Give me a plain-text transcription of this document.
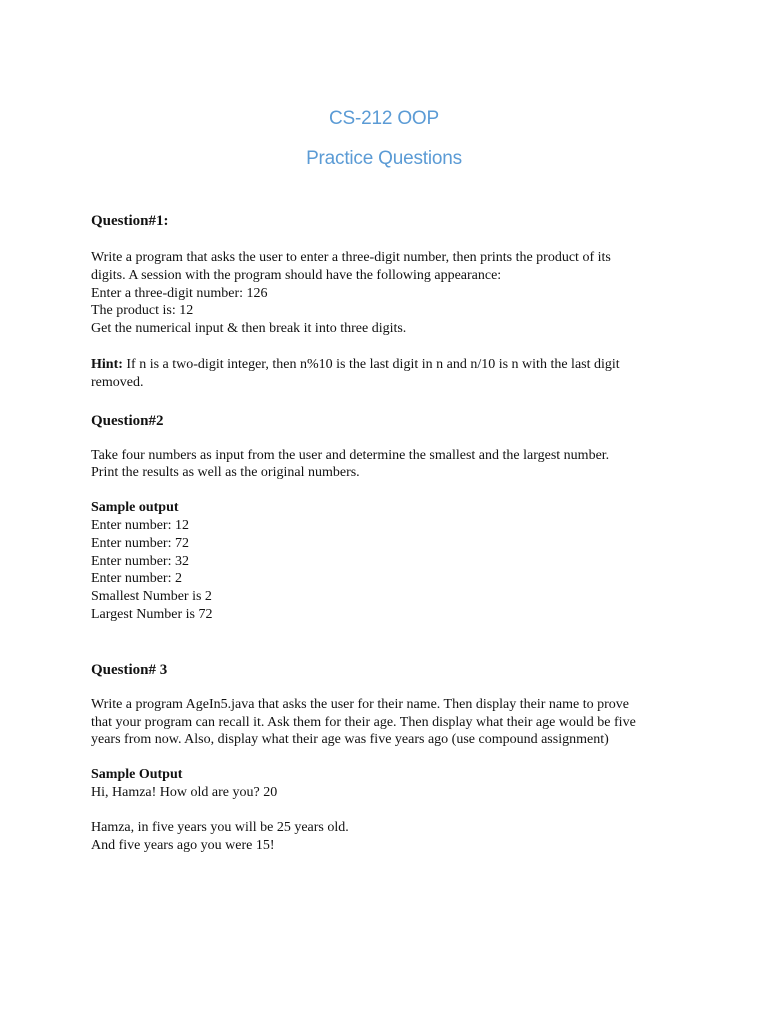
CS-212 OOP
Practice Questions

Question#1:

Write a program that asks the user to enter a three-digit number, then prints the product of its
digits. A session with the program should have the following appearance:
Enter a three-digit number: 126
The product is: 12
Get the numerical input & then break it into three digits.
Hint: If n is a two-digit integer, then n%10 is the last digit in n and n/10 is n with the last digit
removed.

Question#2

Take four numbers as input from the user and determine the smallest and the largest number.
Print the results as well as the original numbers.
Sample output
Enter number: 12
Enter number: 72
Enter number: 32
Enter number: 2
Smallest Number is 2
Largest Number is 72

Question# 3

Write a program AgeIn5.java that asks the user for their name. Then display their name to prove
that your program can recall it. Ask them for their age. Then display what their age would be five
years from now. Also, display what their age was five years ago (use compound assignment)
Sample Output
Hi, Hamza! How old are you? 20
Hamza, in five years you will be 25 years old.
And five years ago you were 15!
